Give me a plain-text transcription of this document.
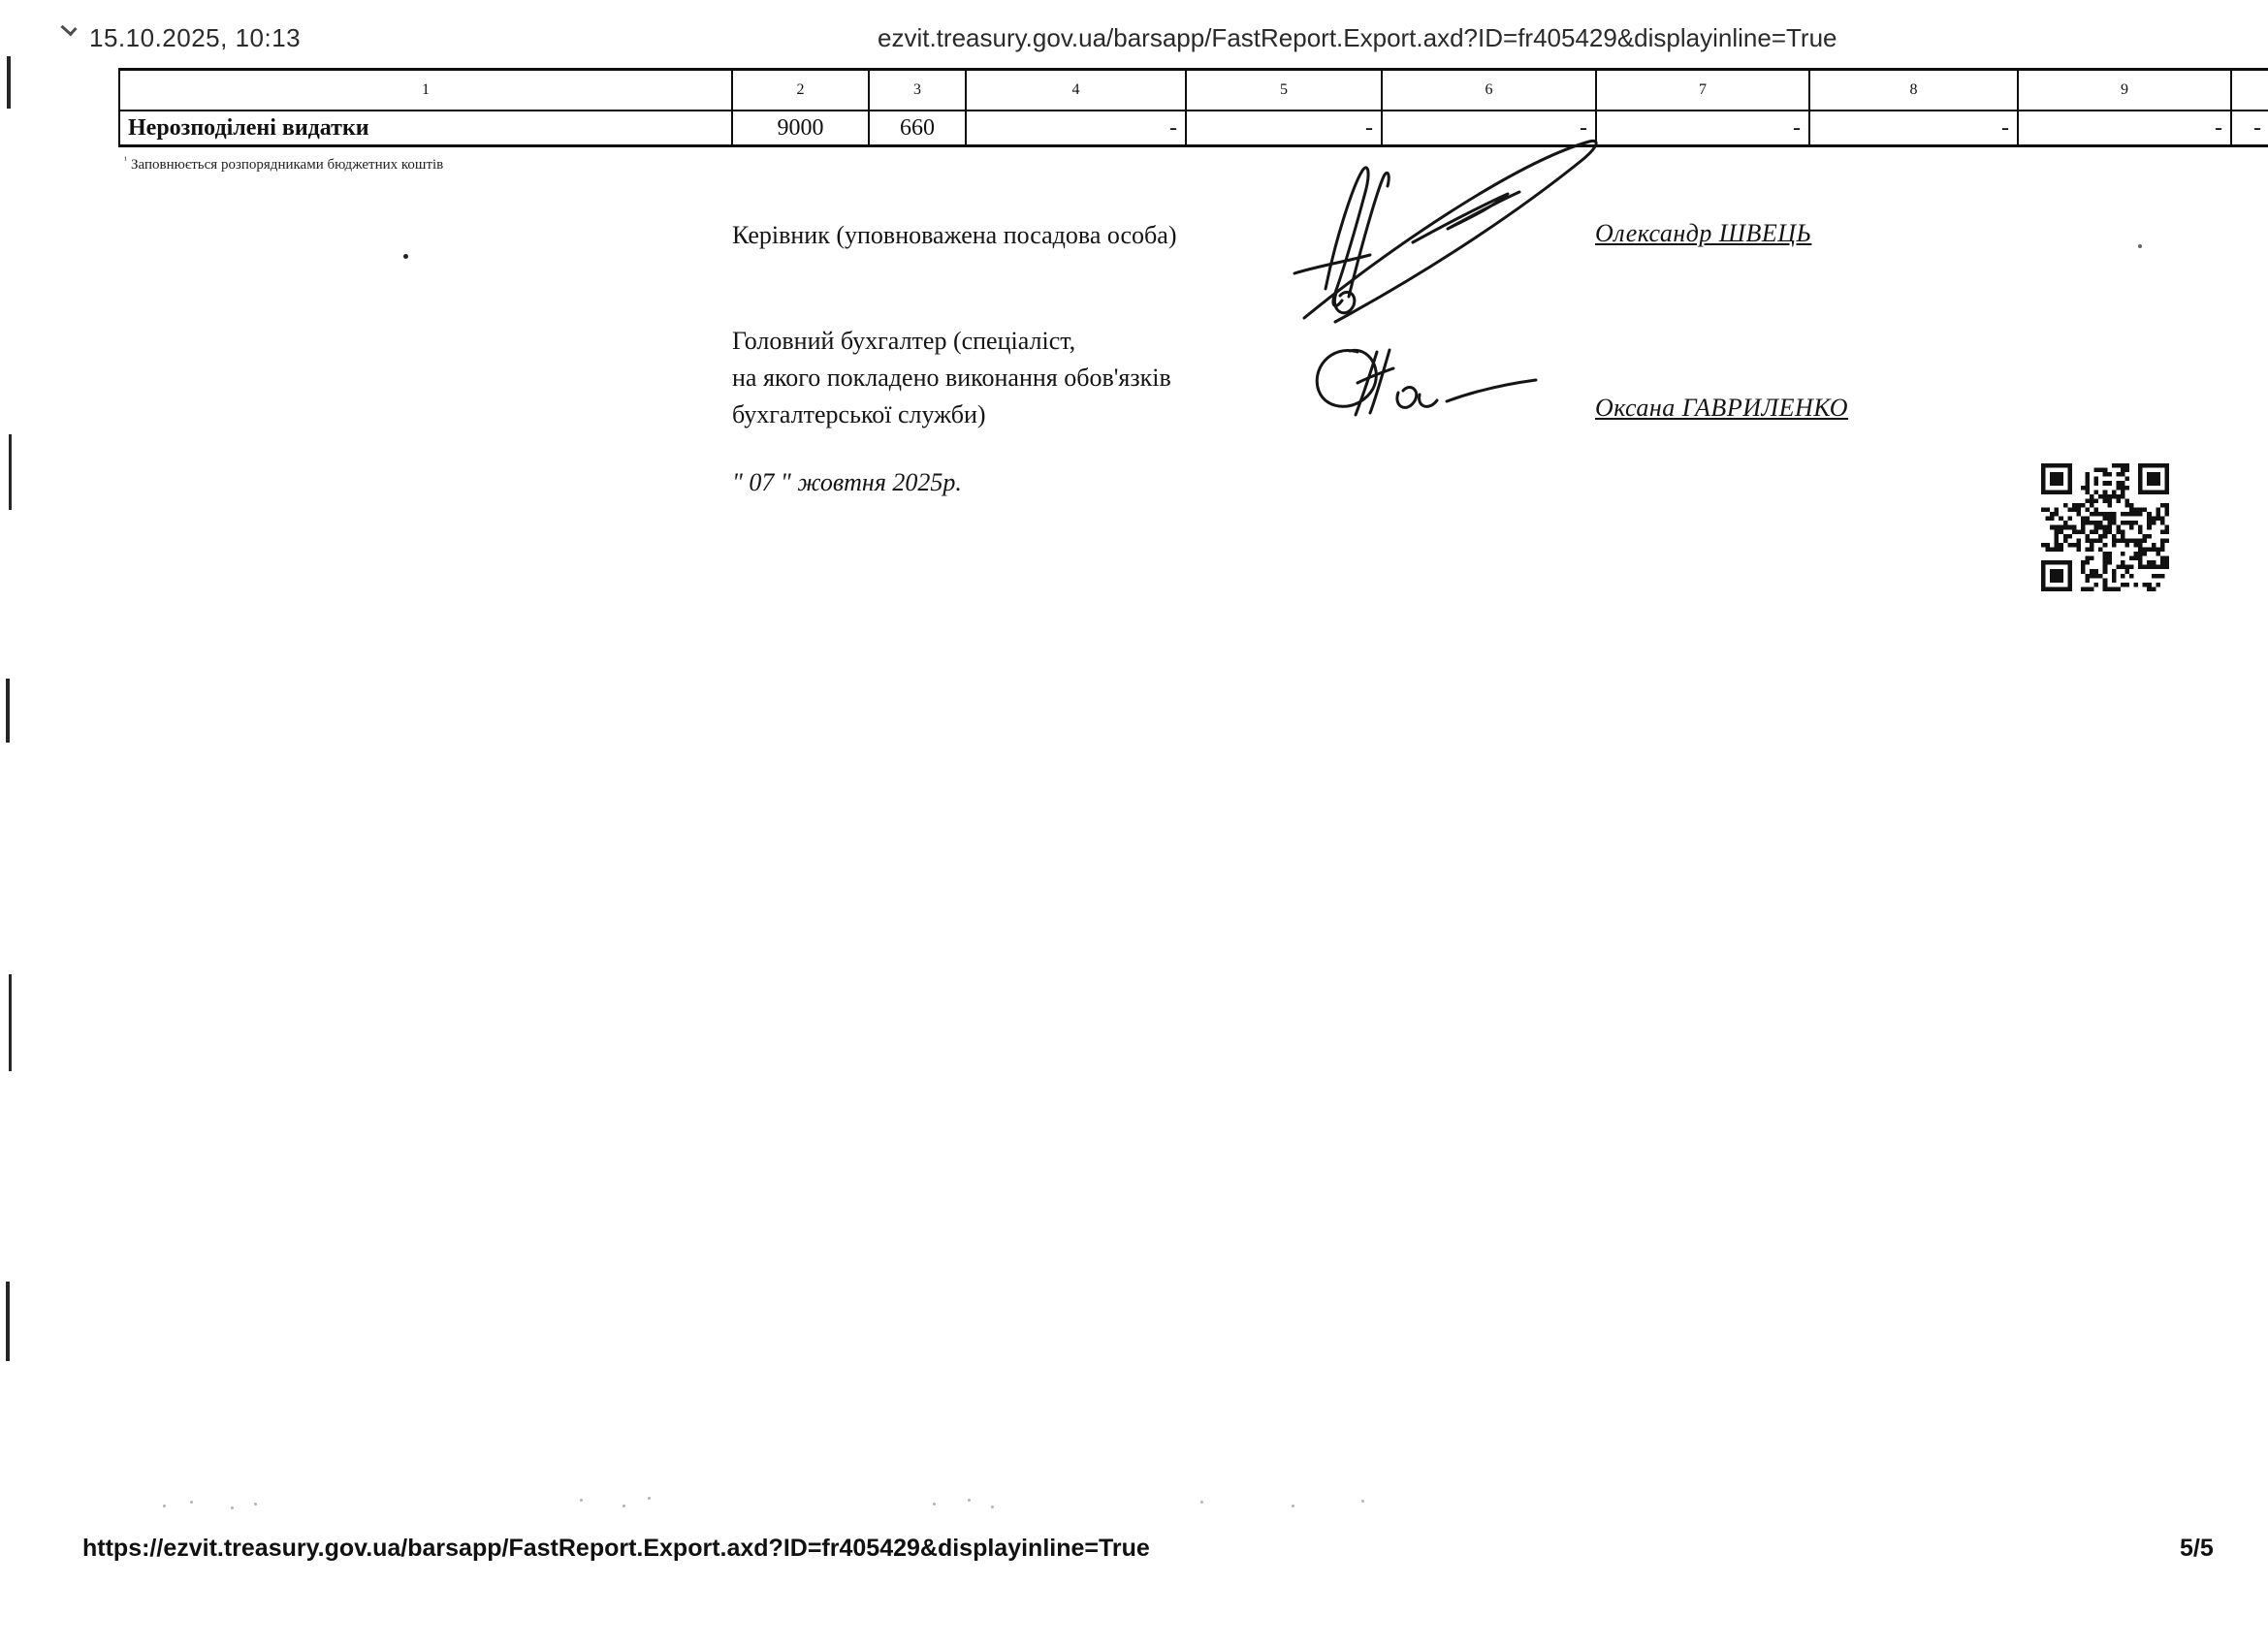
15.10.2025, 10:13	ezvit.treasury.gov.ua/barsapp/FastReport.Export.axd?ID=fr405429&displayinline=True
1	2	3	4	5	6	7	8	9	
Нерозподілені видатки	9000	660	-	-	-	-	-	-	-
$^{^1}$ Заповнюється розпорядниками бюджетних коштів
Керівник (уповноважена посадова особа)	Олександр ШВЕЦЬ
Головний бухгалтер (спеціаліст,
на якого покладено виконання обов'язків
бухгалтерської служби)	Оксана ГАВРИЛЕНКО
" 07 " жовтня 2025р.
https://ezvit.treasury.gov.ua/barsapp/FastReport.Export.axd?ID=fr405429&displayinline=True	5/5
